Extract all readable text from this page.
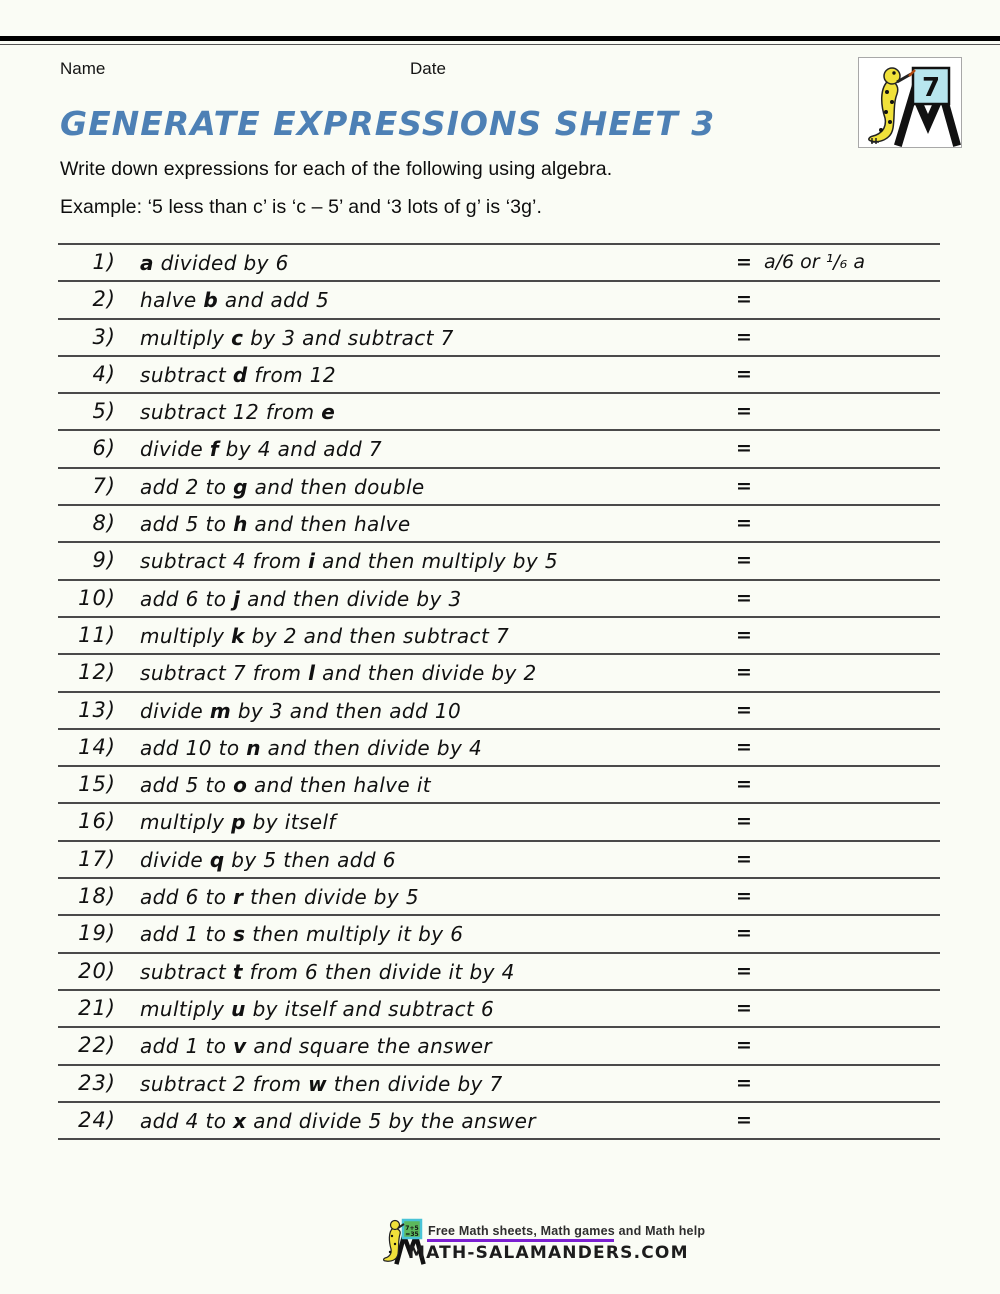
Name	Date
7
GENERATE EXPRESSIONS SHEET 3
Write down expressions for each of the following using algebra.
Example: ‘5 less than c’ is ‘c – 5’ and ‘3 lots of g’ is ‘3g’.
1) a divided by 6	= a/6 or ¹/₆ a
2) halve b and add 5	=
3) multiply c by 3 and subtract 7	=
4) subtract d from 12	=
5) subtract 12 from e	=
6) divide f by 4 and add 7	=
7) add 2 to g and then double	=
8) add 5 to h and then halve	=
9) subtract 4 from i and then multiply by 5	=
10) add 6 to j and then divide by 3	=
11) multiply k by 2 and then subtract 7	=
12) subtract 7 from l and then divide by 2	=
13) divide m by 3 and then add 10	=
14) add 10 to n and then divide by 4	=
15) add 5 to o and then halve it	=
16) multiply p by itself	=
17) divide q by 5 then add 6	=
18) add 6 to r then divide by 5	=
19) add 1 to s then multiply it by 6	=
20) subtract t from 6 then divide it by 4	=
21) multiply u by itself and subtract 6	=
22) add 1 to v and square the answer	=
23) subtract 2 from w then divide by 7	=
24) add 4 to x and divide 5 by the answer	=
7+5
=35 Free Math sheets, Math games and Math help
MATH-SALAMANDERS.COM
